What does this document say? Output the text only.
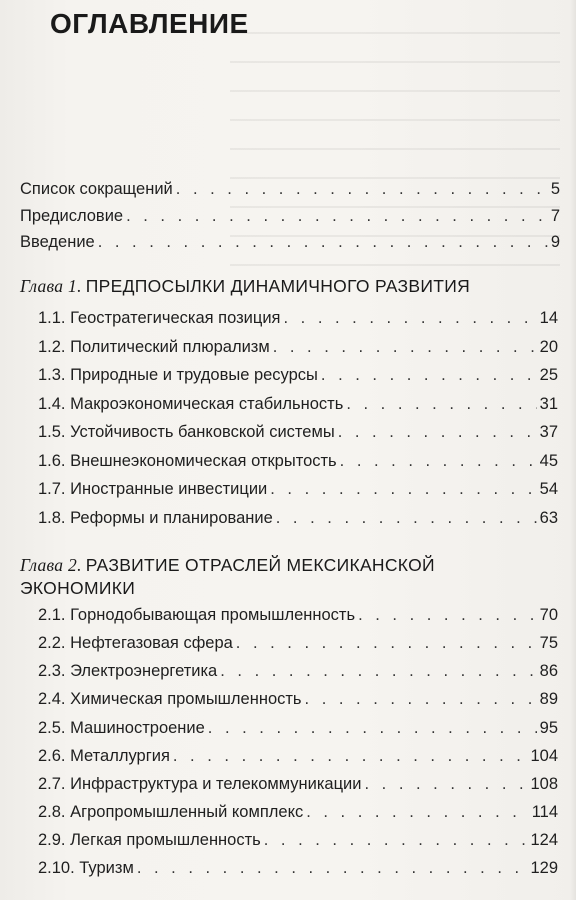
ОГЛАВЛЕНИЕ
Список сокращений . . .	5
Предисловие . . .	7
Введение . . .	9
Глава 1. ПРЕДПОСЫЛКИ ДИНАМИЧНОГО РАЗВИТИЯ
1.1. Геостратегическая позиция . . .	14
1.2. Политический плюрализм . . .	20
1.3. Природные и трудовые ресурсы . . .	25
1.4. Макроэкономическая стабильность . . .	31
1.5. Устойчивость банковской системы . . .	37
1.6. Внешнеэкономическая открытость . . .	45
1.7. Иностранные инвестиции . . .	54
1.8. Реформы и планирование . . .	63
Глава 2. РАЗВИТИЕ ОТРАСЛЕЙ МЕКСИКАНСКОЙ
ЭКОНОМИКИ
2.1. Горнодобывающая промышленность . . .	70
2.2. Нефтегазовая сфера . . .	75
2.3. Электроэнергетика . . .	86
2.4. Химическая промышленность . . .	89
2.5. Машиностроение . . .	95
2.6. Металлургия . . .	104
2.7. Инфраструктура и телекоммуникации . . .	108
2.8. Агропромышленный комплекс . . .	114
2.9. Легкая промышленность . . .	124
2.10. Туризм . . .	129
